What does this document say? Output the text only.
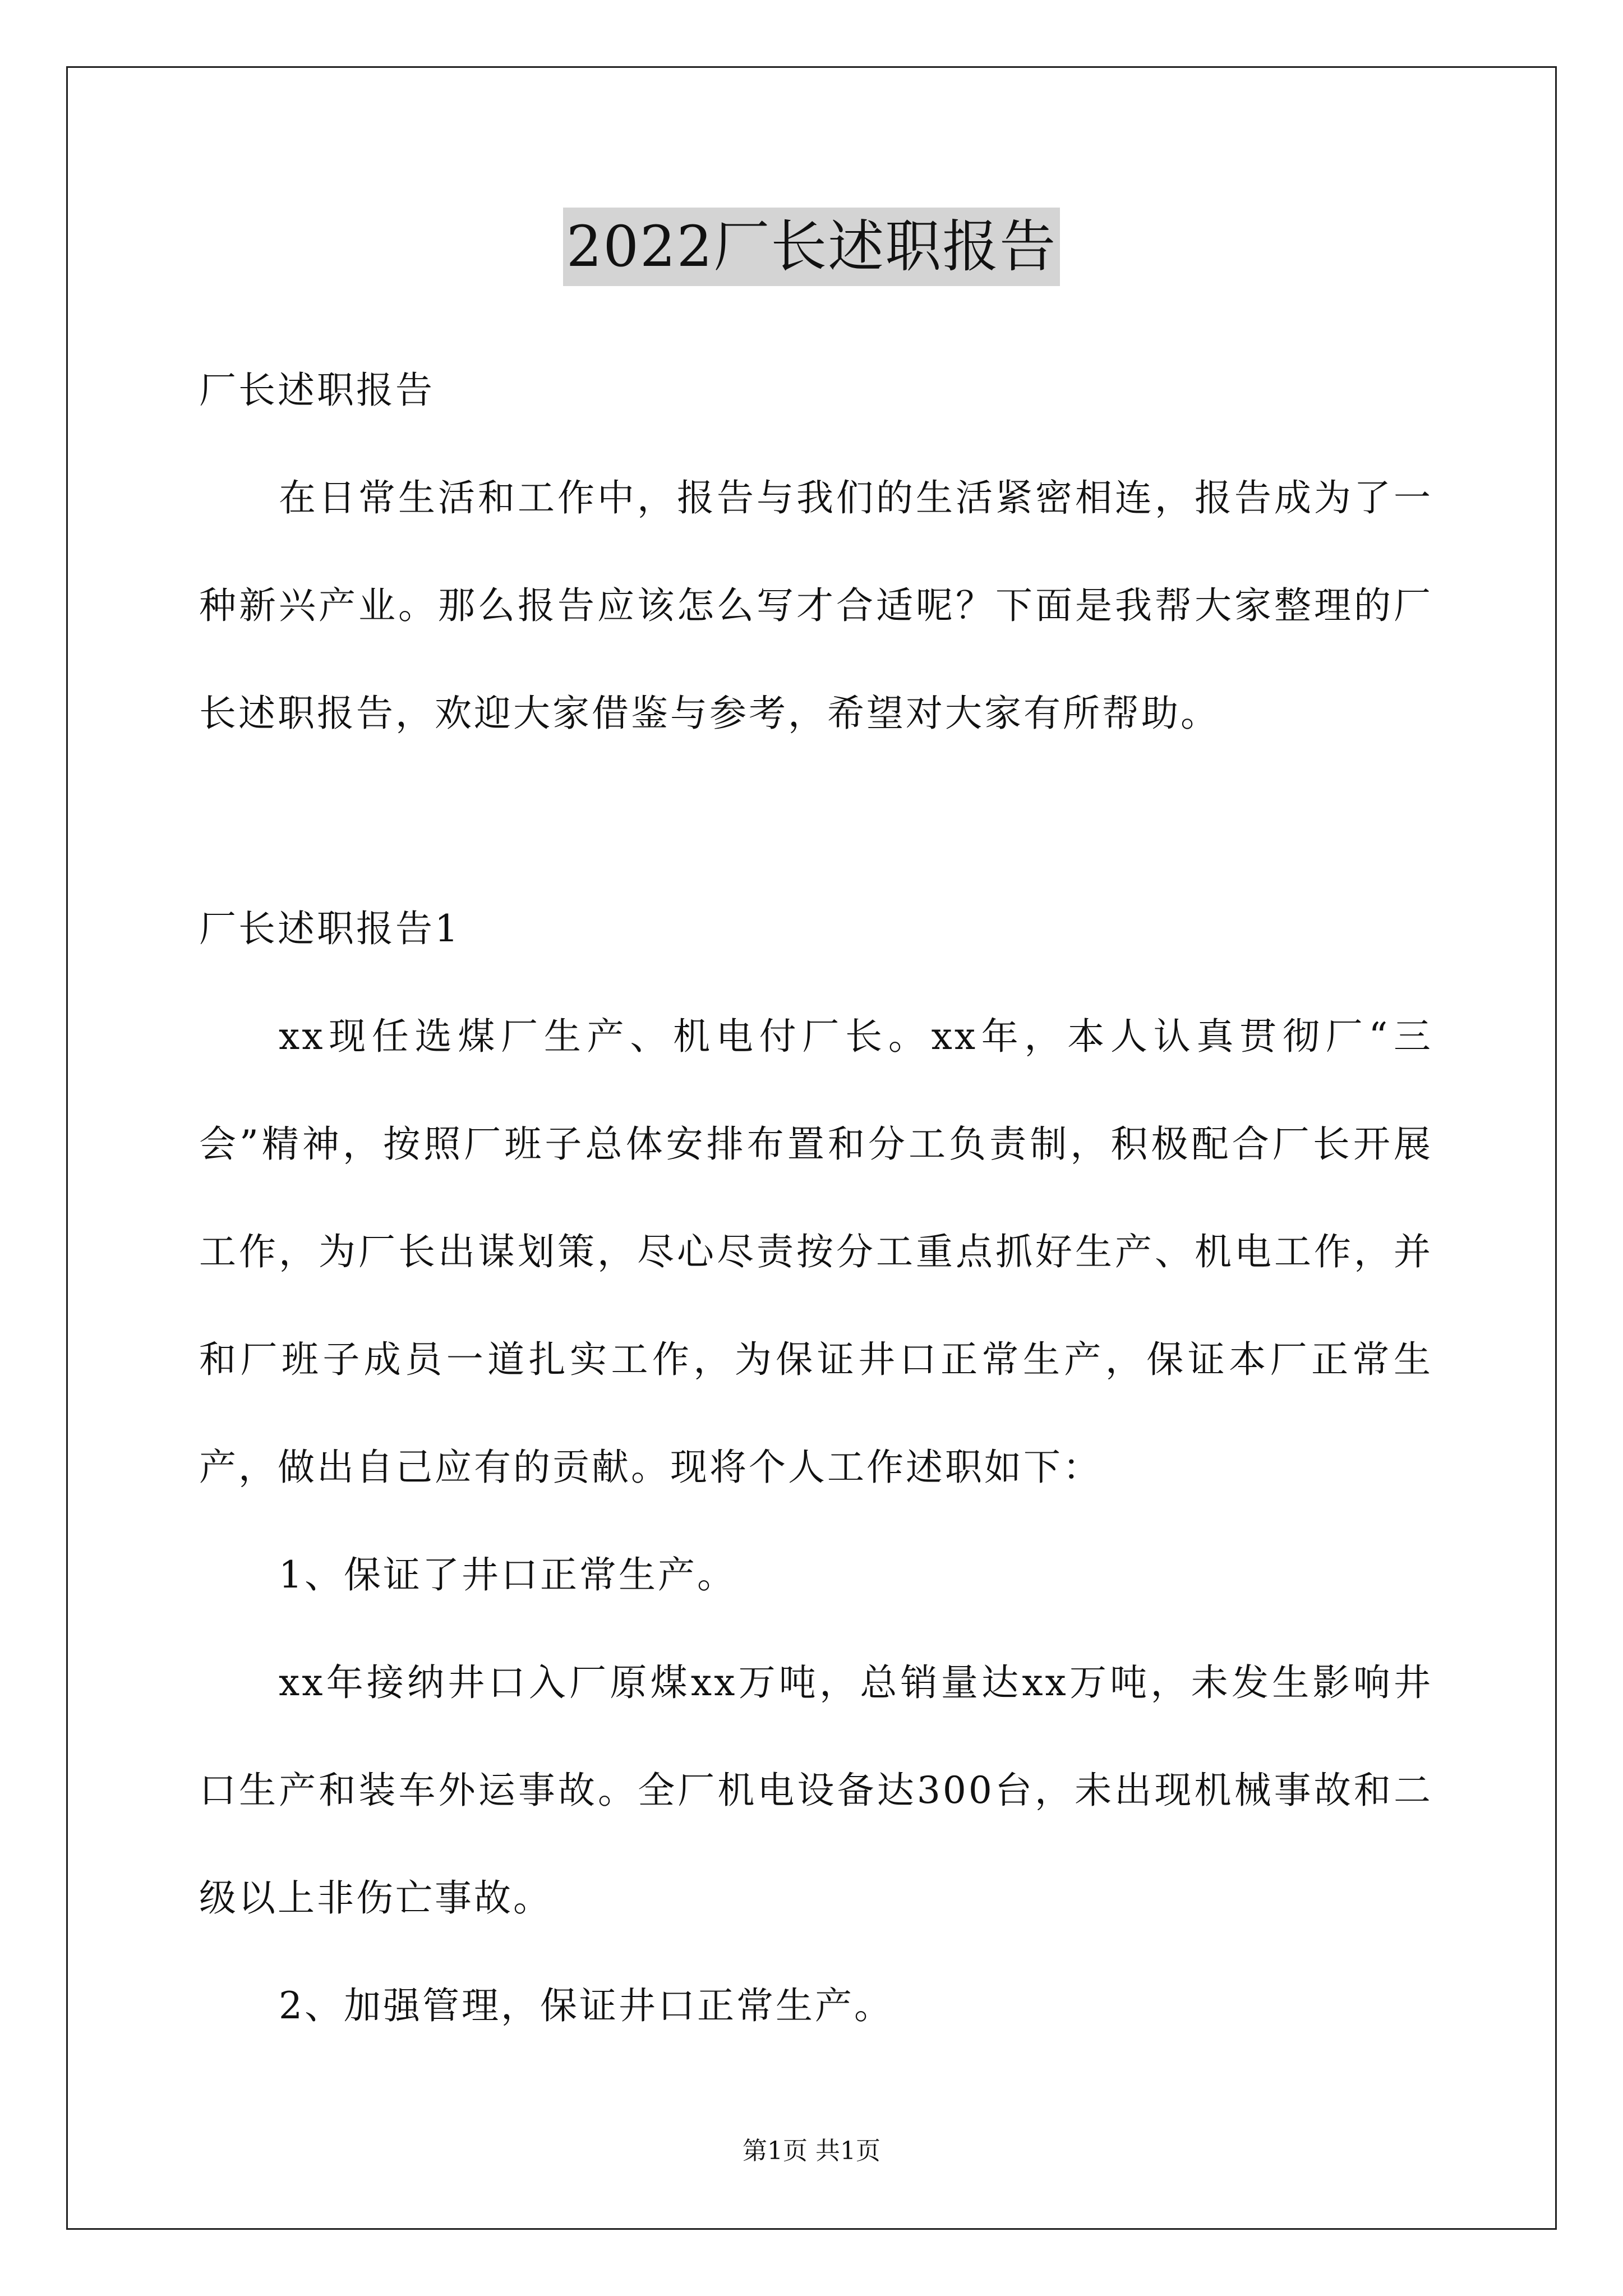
2022厂长述职报告

厂长述职报告

在日常生活和工作中，报告与我们的生活紧密相连，报告成为了一种新兴产业。那么报告应该怎么写才合适呢？下面是我帮大家整理的厂长述职报告，欢迎大家借鉴与参考，希望对大家有所帮助。

厂长述职报告1

xx现任选煤厂生产、机电付厂长。xx年，本人认真贯彻厂“三会”精神，按照厂班子总体安排布置和分工负责制，积极配合厂长开展工作，为厂长出谋划策，尽心尽责按分工重点抓好生产、机电工作，并和厂班子成员一道扎实工作，为保证井口正常生产，保证本厂正常生产，做出自己应有的贡献。现将个人工作述职如下：

1、保证了井口正常生产。

xx年接纳井口入厂原煤xx万吨，总销量达xx万吨，未发生影响井口生产和装车外运事故。全厂机电设备达300台，未出现机械事故和二级以上非伤亡事故。

2、加强管理，保证井口正常生产。

第1页 共1页
